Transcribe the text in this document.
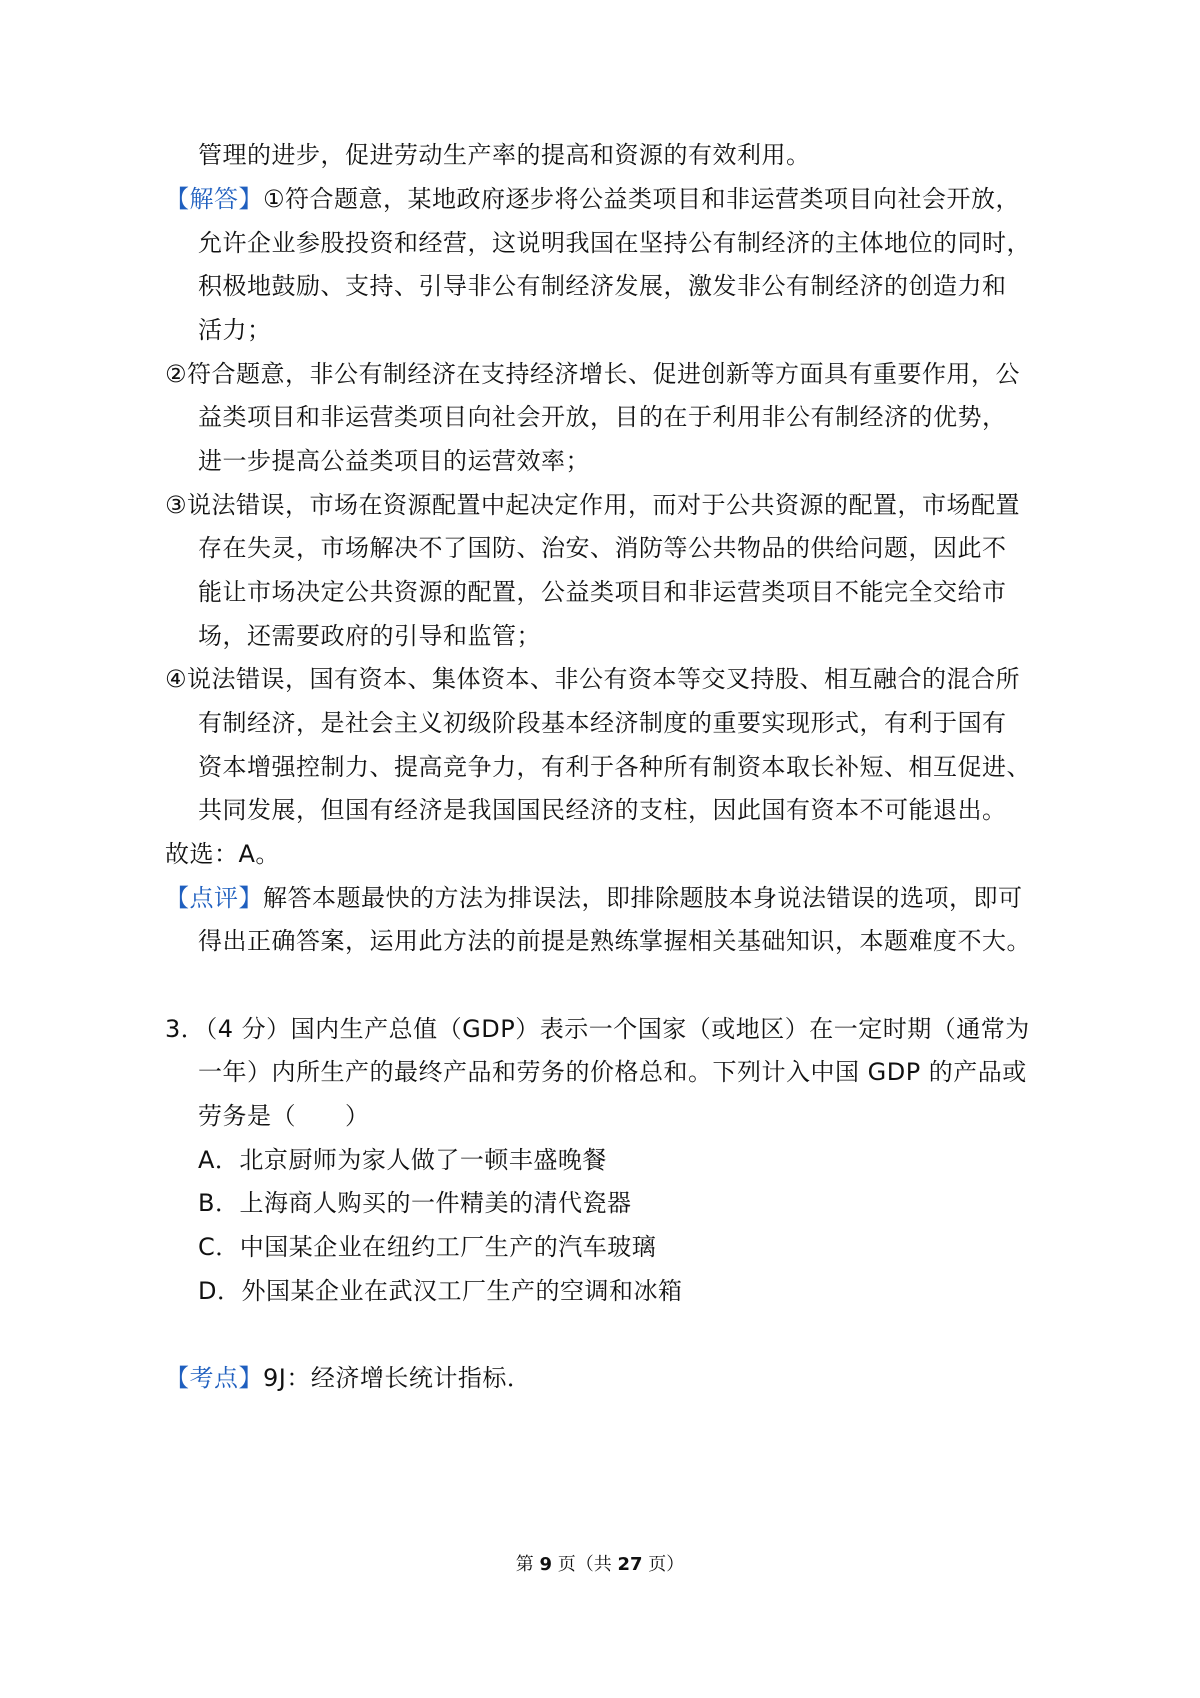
管理的进步，促进劳动生产率的提高和资源的有效利用。
【解答】①符合题意，某地政府逐步将公益类项目和非运营类项目向社会开放，
允许企业参股投资和经营，这说明我国在坚持公有制经济的主体地位的同时，
积极地鼓励、支持、引导非公有制经济发展，激发非公有制经济的创造力和
活力；
②符合题意，非公有制经济在支持经济增长、促进创新等方面具有重要作用，公
益类项目和非运营类项目向社会开放，目的在于利用非公有制经济的优势，
进一步提高公益类项目的运营效率；
③说法错误，市场在资源配置中起决定作用，而对于公共资源的配置，市场配置
存在失灵，市场解决不了国防、治安、消防等公共物品的供给问题，因此不
能让市场决定公共资源的配置，公益类项目和非运营类项目不能完全交给市
场，还需要政府的引导和监管；
④说法错误，国有资本、集体资本、非公有资本等交叉持股、相互融合的混合所
有制经济，是社会主义初级阶段基本经济制度的重要实现形式，有利于国有
资本增强控制力、提高竞争力，有利于各种所有制资本取长补短、相互促进、
共同发展，但国有经济是我国国民经济的支柱，因此国有资本不可能退出。
故选：A。
【点评】解答本题最快的方法为排误法，即排除题肢本身说法错误的选项，即可
得出正确答案，运用此方法的前提是熟练掌握相关基础知识，本题难度不大。
3．（4 分）国内生产总值（GDP）表示一个国家（或地区）在一定时期（通常为
一年）内所生产的最终产品和劳务的价格总和。下列计入中国 GDP 的产品或
劳务是（　　）
A．北京厨师为家人做了一顿丰盛晚餐
B．上海商人购买的一件精美的清代瓷器
C．中国某企业在纽约工厂生产的汽车玻璃
D．外国某企业在武汉工厂生产的空调和冰箱
【考点】9J：经济增长统计指标．
第 9 页（共 27 页）
